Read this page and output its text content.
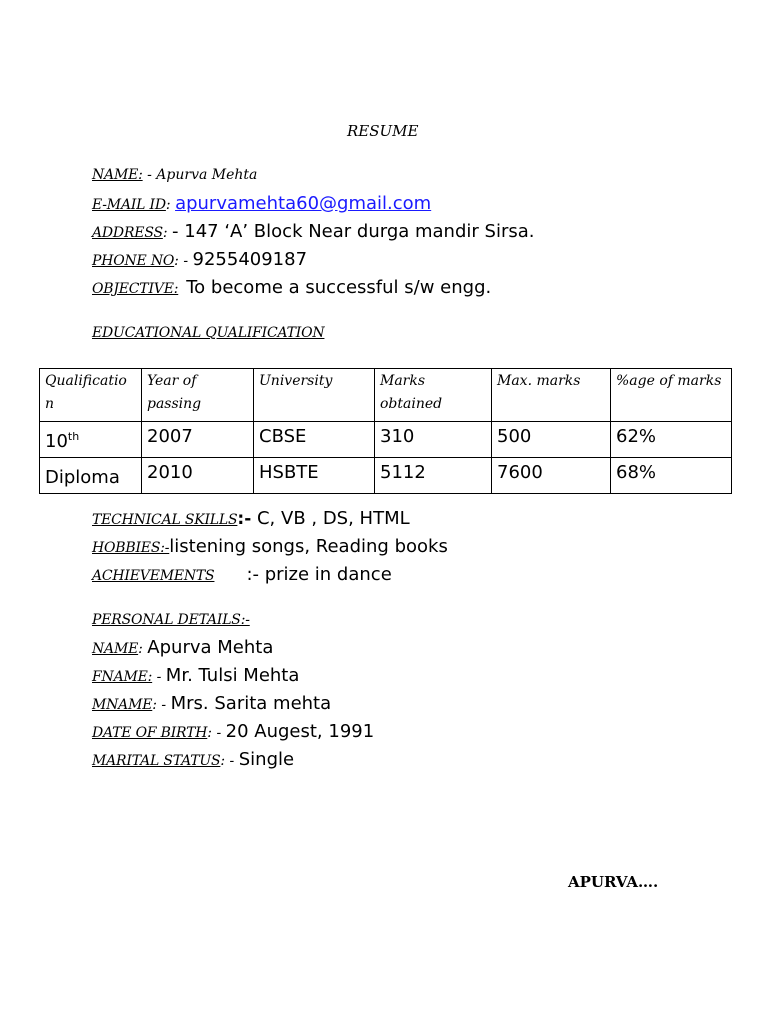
RESUME
NAME: - Apurva Mehta
E-MAIL ID : apurvamehta60@gmail.com
ADDRESS : - 147 ‘A’ Block Near durga mandir Sirsa.
PHONE NO : - 9255409187
OBJECTIVE: To become a successful s/w engg.
EDUCATIONAL QUALIFICATION
Qualificatio n	Year of passing	University	Marks obtained	Max. marks	%age of marks
10th	2007	CBSE	310	500	62%
Diploma	2010	HSBTE	5112	7600	68%
TECHNICAL SKILLS :- C, VB , DS, HTML
HOBBIES:- listening songs, Reading books
ACHIEVEMENTS :- prize in dance
PERSONAL DETAILS:-
NAME : Apurva Mehta
FNAME: - Mr. Tulsi Mehta
MNAME : - Mrs. Sarita mehta
DATE OF BIRTH : - 20 Augest, 1991
MARITAL STATUS : - Single
APURVA….
